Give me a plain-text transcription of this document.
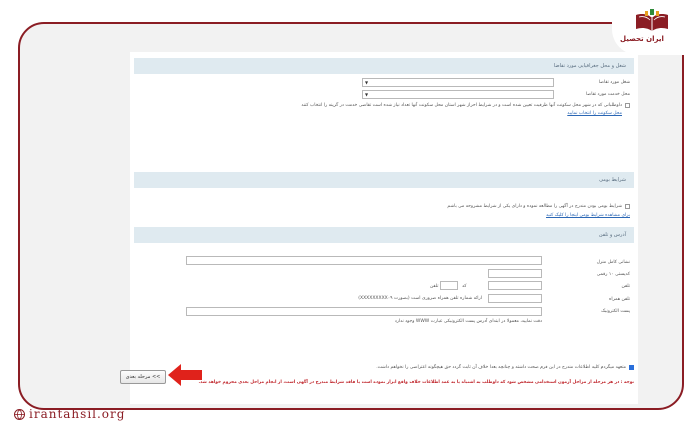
شغل و محل جغرافیایی مورد تقاضا
شغل مورد تقاضا
▼
محل خدمت مورد تقاضا
▼
داوطلبانی که در شهر محل سکونت آنها ظرفیت تعیین شده است و در شرایط احراز شهر استان محل سکونت آنها تعداد نیاز شده است تقاضی خدمت در گزینه را انتخاب کنند
محل سکونت را انتخاب نمایید
شرایط بومی
شرایط بومی بودن مندرج در آگهی را مطالعه نموده و دارای یکی از شرایط مشروحه می باشم
برای مشاهده شرایط بومی اینجا را کلیک کنید
آدرس و تلفن
نشانی کامل منزل
کدپستی ۱۰ رقمی
تلفن
تلفن	کد
تلفن همراه
ارائه شماره تلفن همراه ضروری است (بصورت XXXXXXXXX۰۹)
پست الکترونیک
دقت نمایید، معمولا در ابتدای آدرس پست الکترونیکی عبارت WWW وجود ندارد
متعهد میگردم کلیه اطلاعات مندرج در این فرم صحت داشته و چنانچه بعدا خلاف آن ثابت گردد حق هیچگونه اعتراضی را نخواهم داشت.
توجه : در هر مرحله از مراحل آزمون استخدامی مشخص شود که داوطلب به اشتباه یا به عمد اطلاعات خلاف واقع ابراز نموده است یا فاقد شرایط مندرج در آگهی است، از انجام مراحل بعدی محروم خواهد شد.
مرحله بعدی <<
ایران تحصیل
irantahsil.org
